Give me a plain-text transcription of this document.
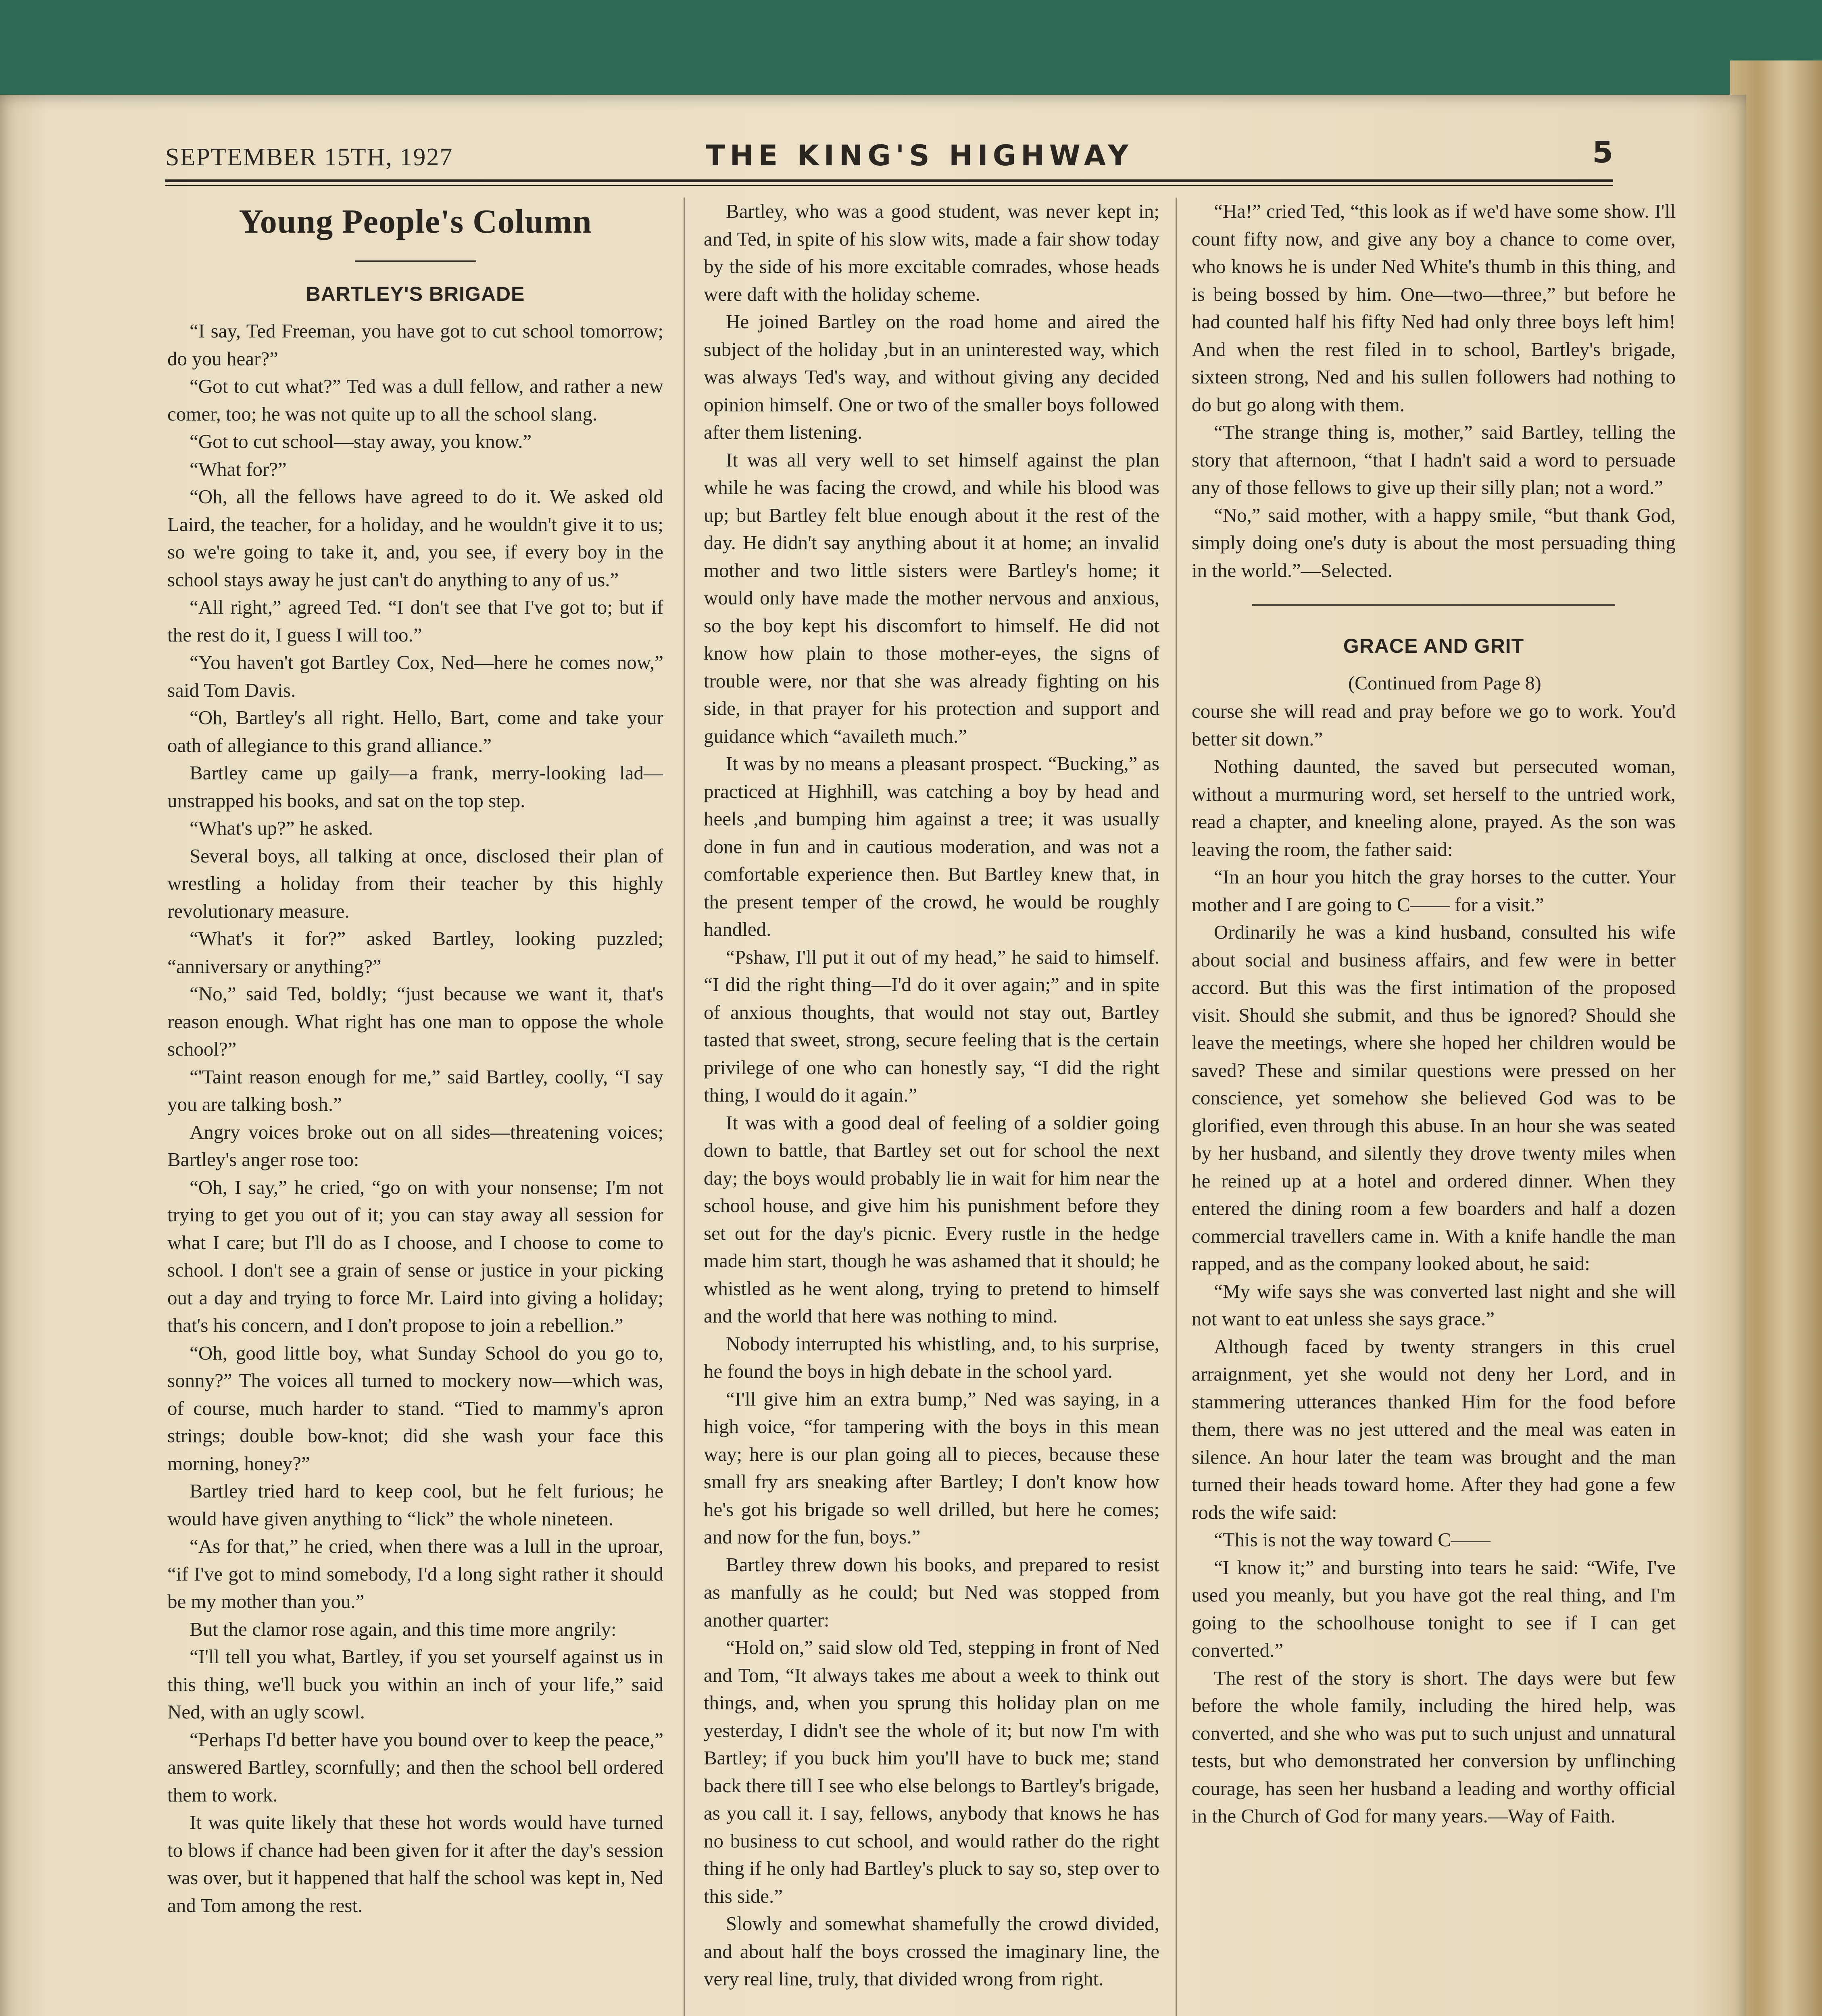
SEPTEMBER 15TH, 1927	THE KING'S HIGHWAY	5
Young People's Column
BARTLEY'S BRIGADE

“I say, Ted Freeman, you have got to cut school tomorrow; do you hear?”

“Got to cut what?” Ted was a dull fellow, and rather a new comer, too; he was not quite up to all the school slang.

“Got to cut school—stay away, you know.”

“What for?”

“Oh, all the fellows have agreed to do it. We asked old Laird, the teacher, for a holiday, and he wouldn't give it to us; so we're going to take it, and, you see, if every boy in the school stays away he just can't do anything to any of us.”

“All right,” agreed Ted. “I don't see that I've got to; but if the rest do it, I guess I will too.”

“You haven't got Bartley Cox, Ned—here he comes now,” said Tom Davis.

“Oh, Bartley's all right. Hello, Bart, come and take your oath of allegiance to this grand alliance.”

Bartley came up gaily—a frank, merry-looking lad—unstrapped his books, and sat on the top step.

“What's up?” he asked.

Several boys, all talking at once, disclosed their plan of wrestling a holiday from their teacher by this highly revolutionary measure.

“What's it for?” asked Bartley, looking puzzled; “anniversary or anything?”

“No,” said Ted, boldly; “just because we want it, that's reason enough. What right has one man to oppose the whole school?”

“'Taint reason enough for me,” said Bartley, coolly, “I say you are talking bosh.”

Angry voices broke out on all sides—threatening voices; Bartley's anger rose too:

“Oh, I say,” he cried, “go on with your nonsense; I'm not trying to get you out of it; you can stay away all session for what I care; but I'll do as I choose, and I choose to come to school. I don't see a grain of sense or justice in your picking out a day and trying to force Mr. Laird into giving a holiday; that's his concern, and I don't propose to join a rebellion.”

“Oh, good little boy, what Sunday School do you go to, sonny?” The voices all turned to mockery now—which was, of course, much harder to stand. “Tied to mammy's apron strings; double bow-knot; did she wash your face this morning, honey?”

Bartley tried hard to keep cool, but he felt furious; he would have given anything to “lick” the whole nineteen.

“As for that,” he cried, when there was a lull in the uproar, “if I've got to mind somebody, I'd a long sight rather it should be my mother than you.”

But the clamor rose again, and this time more angrily:

“I'll tell you what, Bartley, if you set yourself against us in this thing, we'll buck you within an inch of your life,” said Ned, with an ugly scowl.

“Perhaps I'd better have you bound over to keep the peace,” answered Bartley, scornfully; and then the school bell ordered them to work.

It was quite likely that these hot words would have turned to blows if chance had been given for it after the day's session was over, but it happened that half the school was kept in, Ned and Tom among the rest.

Bartley, who was a good student, was never kept in; and Ted, in spite of his slow wits, made a fair show today by the side of his more excitable comrades, whose heads were daft with the holiday scheme.

He joined Bartley on the road home and aired the subject of the holiday ,but in an uninterested way, which was always Ted's way, and without giving any decided opinion himself. One or two of the smaller boys followed after them listening.

It was all very well to set himself against the plan while he was facing the crowd, and while his blood was up; but Bartley felt blue enough about it the rest of the day. He didn't say anything about it at home; an invalid mother and two little sisters were Bartley's home; it would only have made the mother nervous and anxious, so the boy kept his discomfort to himself. He did not know how plain to those mother-eyes, the signs of trouble were, nor that she was already fighting on his side, in that prayer for his protection and support and guidance which “availeth much.”

It was by no means a pleasant prospect. “Bucking,” as practiced at Highhill, was catching a boy by head and heels ,and bumping him against a tree; it was usually done in fun and in cautious moderation, and was not a comfortable experience then. But Bartley knew that, in the present temper of the crowd, he would be roughly handled.

“Pshaw, I'll put it out of my head,” he said to himself. “I did the right thing—I'd do it over again;” and in spite of anxious thoughts, that would not stay out, Bartley tasted that sweet, strong, secure feeling that is the certain privilege of one who can honestly say, “I did the right thing, I would do it again.”

It was with a good deal of feeling of a soldier going down to battle, that Bartley set out for school the next day; the boys would probably lie in wait for him near the school house, and give him his punishment before they set out for the day's picnic. Every rustle in the hedge made him start, though he was ashamed that it should; he whistled as he went along, trying to pretend to himself and the world that here was nothing to mind.

Nobody interrupted his whistling, and, to his surprise, he found the boys in high debate in the school yard.

“I'll give him an extra bump,” Ned was saying, in a high voice, “for tampering with the boys in this mean way; here is our plan going all to pieces, because these small fry ars sneaking after Bartley; I don't know how he's got his brigade so well drilled, but here he comes; and now for the fun, boys.”

Bartley threw down his books, and prepared to resist as manfully as he could; but Ned was stopped from another quarter:

“Hold on,” said slow old Ted, stepping in front of Ned and Tom, “It always takes me about a week to think out things, and, when you sprung this holiday plan on me yesterday, I didn't see the whole of it; but now I'm with Bartley; if you buck him you'll have to buck me; stand back there till I see who else belongs to Bartley's brigade, as you call it. I say, fellows, anybody that knows he has no business to cut school, and would rather do the right thing if he only had Bartley's pluck to say so, step over to this side.”

Slowly and somewhat shamefully the crowd divided, and about half the boys crossed the imaginary line, the very real line, truly, that divided wrong from right.

“Ha!” cried Ted, “this look as if we'd have some show. I'll count fifty now, and give any boy a chance to come over, who knows he is under Ned White's thumb in this thing, and is being bossed by him. One—two—three,” but before he had counted half his fifty Ned had only three boys left him! And when the rest filed in to school, Bartley's brigade, sixteen strong, Ned and his sullen followers had nothing to do but go along with them.

“The strange thing is, mother,” said Bartley, telling the story that afternoon, “that I hadn't said a word to persuade any of those fellows to give up their silly plan; not a word.”

“No,” said mother, with a happy smile, “but thank God, simply doing one's duty is about the most persuading thing in the world.”—Selected.

GRACE AND GRIT

(Continued from Page 8)

course she will read and pray before we go to work. You'd better sit down.”

Nothing daunted, the saved but persecuted woman, without a murmuring word, set herself to the untried work, read a chapter, and kneeling alone, prayed. As the son was leaving the room, the father said:

“In an hour you hitch the gray horses to the cutter. Your mother and I are going to C—— for a visit.”

Ordinarily he was a kind husband, consulted his wife about social and business affairs, and few were in better accord. But this was the first intimation of the proposed visit. Should she submit, and thus be ignored? Should she leave the meetings, where she hoped her children would be saved? These and similar questions were pressed on her conscience, yet somehow she believed God was to be glorified, even through this abuse. In an hour she was seated by her husband, and silently they drove twenty miles when he reined up at a hotel and ordered dinner. When they entered the dining room a few boarders and half a dozen commercial travellers came in. With a knife handle the man rapped, and as the company looked about, he said:

“My wife says she was converted last night and she will not want to eat unless she says grace.”

Although faced by twenty strangers in this cruel arraignment, yet she would not deny her Lord, and in stammering utterances thanked Him for the food before them, there was no jest uttered and the meal was eaten in silence. An hour later the team was brought and the man turned their heads toward home. After they had gone a few rods the wife said:

“This is not the way toward C——

“I know it;” and bursting into tears he said: “Wife, I've used you meanly, but you have got the real thing, and I'm going to the schoolhouse tonight to see if I can get converted.”

The rest of the story is short. The days were but few before the whole family, including the hired help, was converted, and she who was put to such unjust and unnatural tests, but who demonstrated her conversion by unflinching courage, has seen her husband a leading and worthy official in the Church of God for many years.—Way of Faith.
